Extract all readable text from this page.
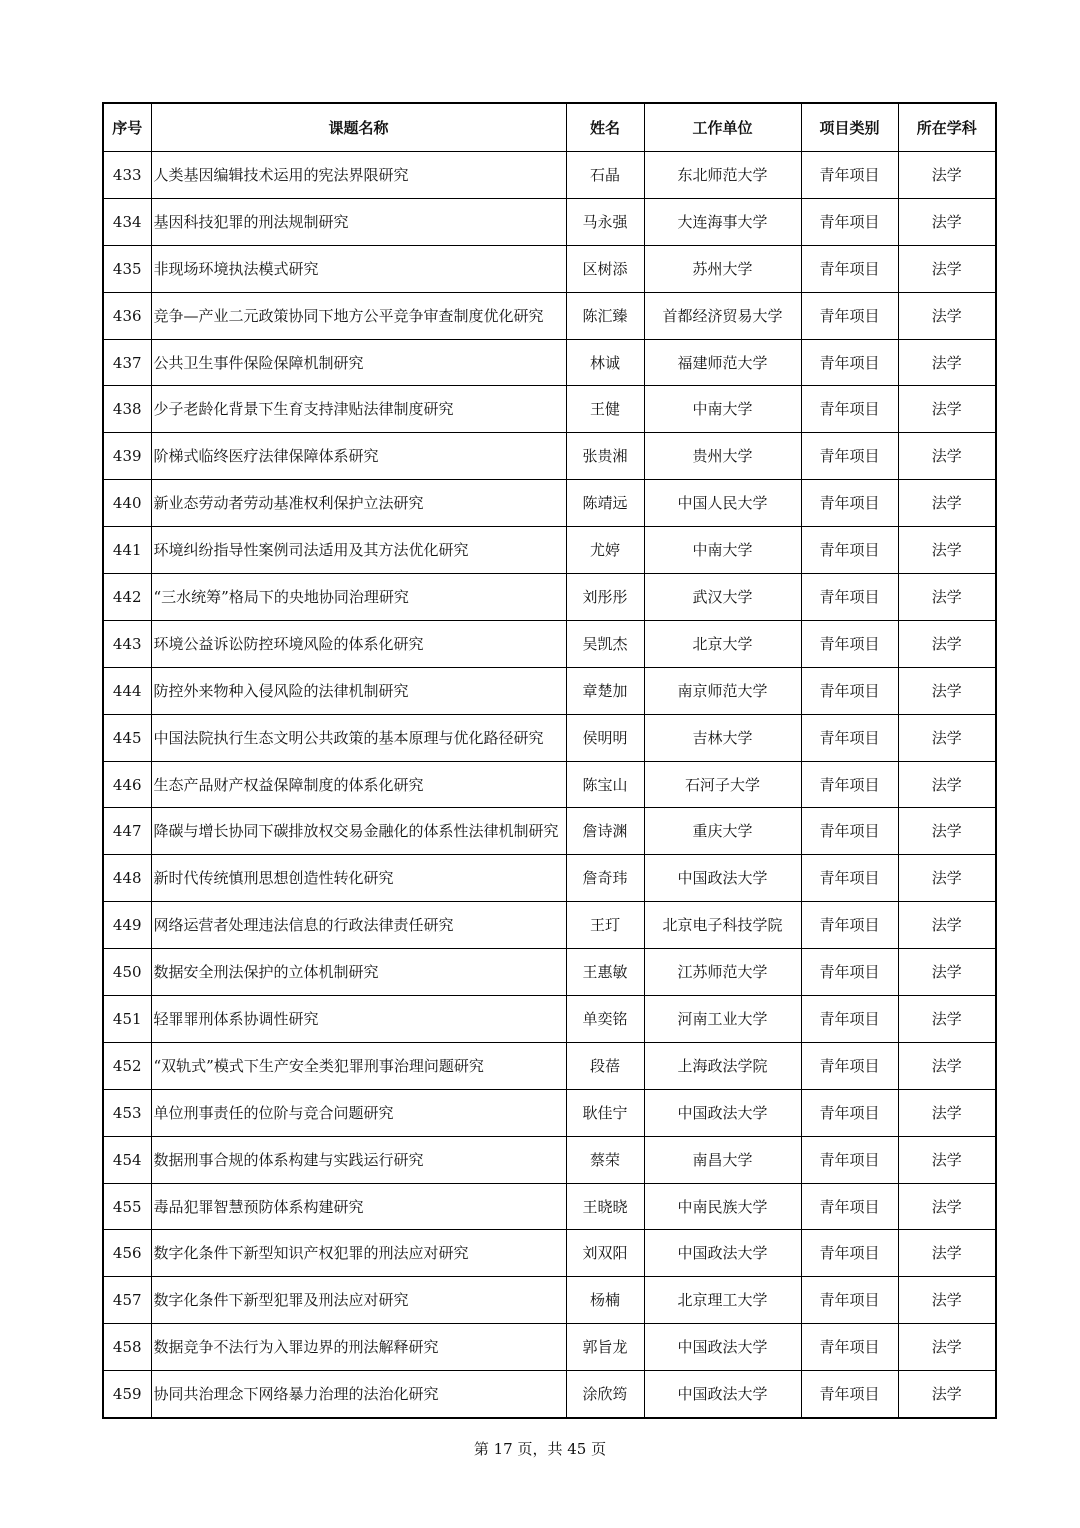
序号	课题名称	姓名	工作单位	项目类别	所在学科
433	人类基因编辑技术运用的宪法界限研究	石晶	东北师范大学	青年项目	法学
434	基因科技犯罪的刑法规制研究	马永强	大连海事大学	青年项目	法学
435	非现场环境执法模式研究	区树添	苏州大学	青年项目	法学
436	竞争—产业二元政策协同下地方公平竞争审查制度优化研究	陈汇臻	首都经济贸易大学	青年项目	法学
437	公共卫生事件保险保障机制研究	林诚	福建师范大学	青年项目	法学
438	少子老龄化背景下生育支持津贴法律制度研究	王健	中南大学	青年项目	法学
439	阶梯式临终医疗法律保障体系研究	张贵湘	贵州大学	青年项目	法学
440	新业态劳动者劳动基准权利保护立法研究	陈靖远	中国人民大学	青年项目	法学
441	环境纠纷指导性案例司法适用及其方法优化研究	尤婷	中南大学	青年项目	法学
442	“三水统筹”格局下的央地协同治理研究	刘彤彤	武汉大学	青年项目	法学
443	环境公益诉讼防控环境风险的体系化研究	吴凯杰	北京大学	青年项目	法学
444	防控外来物种入侵风险的法律机制研究	章楚加	南京师范大学	青年项目	法学
445	中国法院执行生态文明公共政策的基本原理与优化路径研究	侯明明	吉林大学	青年项目	法学
446	生态产品财产权益保障制度的体系化研究	陈宝山	石河子大学	青年项目	法学
447	降碳与增长协同下碳排放权交易金融化的体系性法律机制研究	詹诗渊	重庆大学	青年项目	法学
448	新时代传统慎刑思想创造性转化研究	詹奇玮	中国政法大学	青年项目	法学
449	网络运营者处理违法信息的行政法律责任研究	王玎	北京电子科技学院	青年项目	法学
450	数据安全刑法保护的立体机制研究	王惠敏	江苏师范大学	青年项目	法学
451	轻罪罪刑体系协调性研究	单奕铭	河南工业大学	青年项目	法学
452	“双轨式”模式下生产安全类犯罪刑事治理问题研究	段蓓	上海政法学院	青年项目	法学
453	单位刑事责任的位阶与竞合问题研究	耿佳宁	中国政法大学	青年项目	法学
454	数据刑事合规的体系构建与实践运行研究	蔡荣	南昌大学	青年项目	法学
455	毒品犯罪智慧预防体系构建研究	王晓晓	中南民族大学	青年项目	法学
456	数字化条件下新型知识产权犯罪的刑法应对研究	刘双阳	中国政法大学	青年项目	法学
457	数字化条件下新型犯罪及刑法应对研究	杨楠	北京理工大学	青年项目	法学
458	数据竞争不法行为入罪边界的刑法解释研究	郭旨龙	中国政法大学	青年项目	法学
459	协同共治理念下网络暴力治理的法治化研究	涂欣筠	中国政法大学	青年项目	法学
第 17 页，共 45 页
